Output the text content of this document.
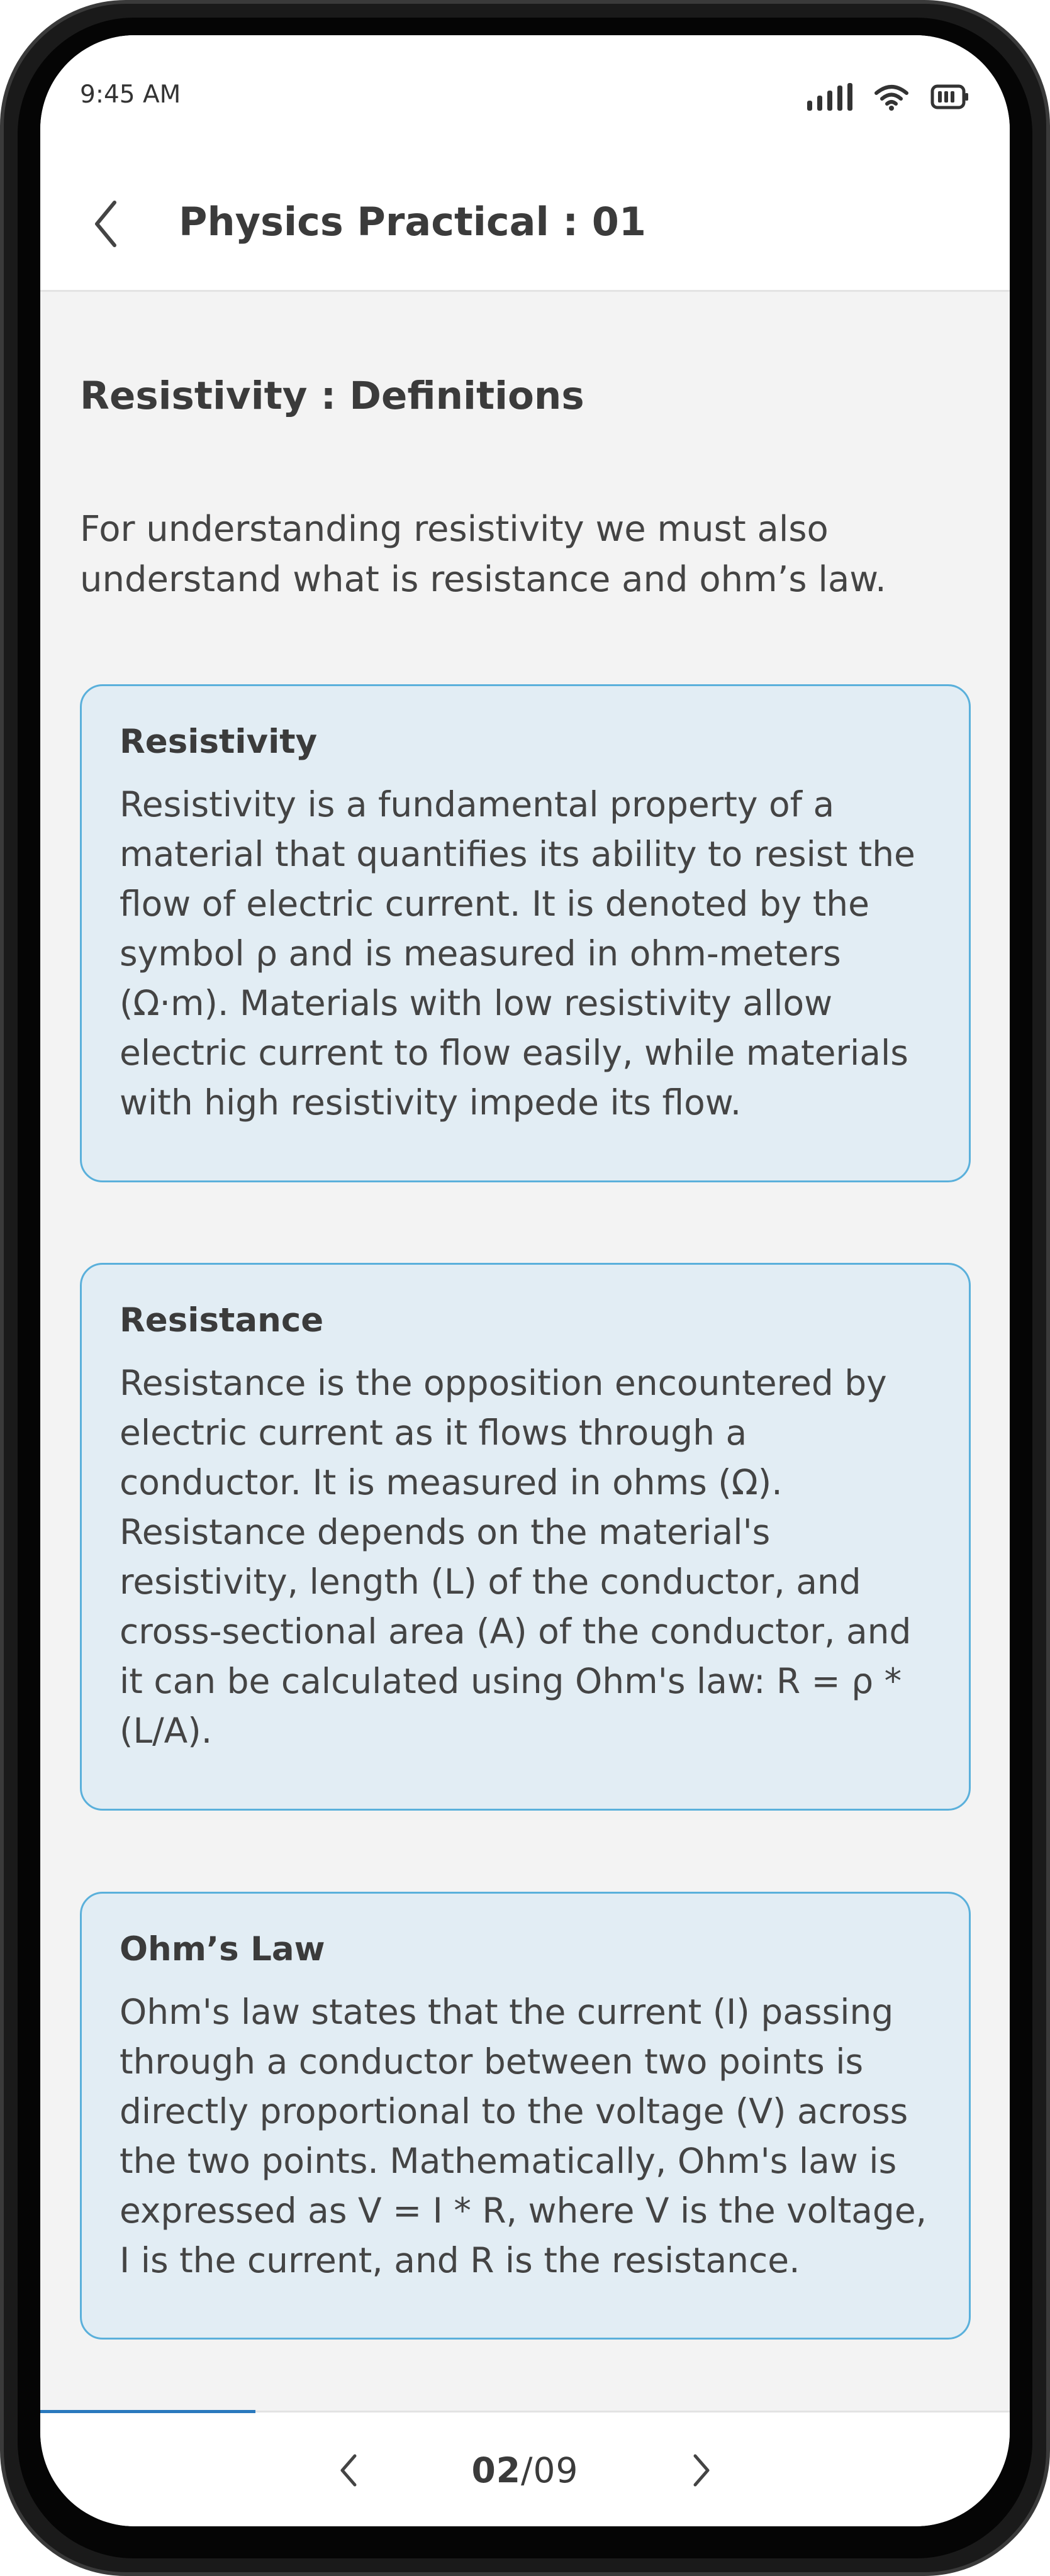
9:45 AM
Physics Practical : 01
Resistivity : Definitions
For understanding resistivity we must also understand what is resistance and ohm’s law.
Resistivity
Resistivity is a fundamental property of a material that quantifies its ability to resist the flow of electric current. It is denoted by the symbol ρ and is measured in ohm-meters (Ω·m). Materials with low resistivity allow electric current to flow easily, while materials with high resistivity impede its flow.
Resistance
Resistance is the opposition encountered by electric current as it flows through a conductor. It is measured in ohms (Ω). Resistance depends on the material's resistivity, length (L) of the conductor, and cross-sectional area (A) of the conductor, and it can be calculated using Ohm's law: R = ρ * (L/A).
Ohm’s Law
Ohm's law states that the current (I) passing through a conductor between two points is directly proportional to the voltage (V) across the two points. Mathematically, Ohm's law is expressed as V = I * R, where V is the voltage, I is the current, and R is the resistance.
02/09
